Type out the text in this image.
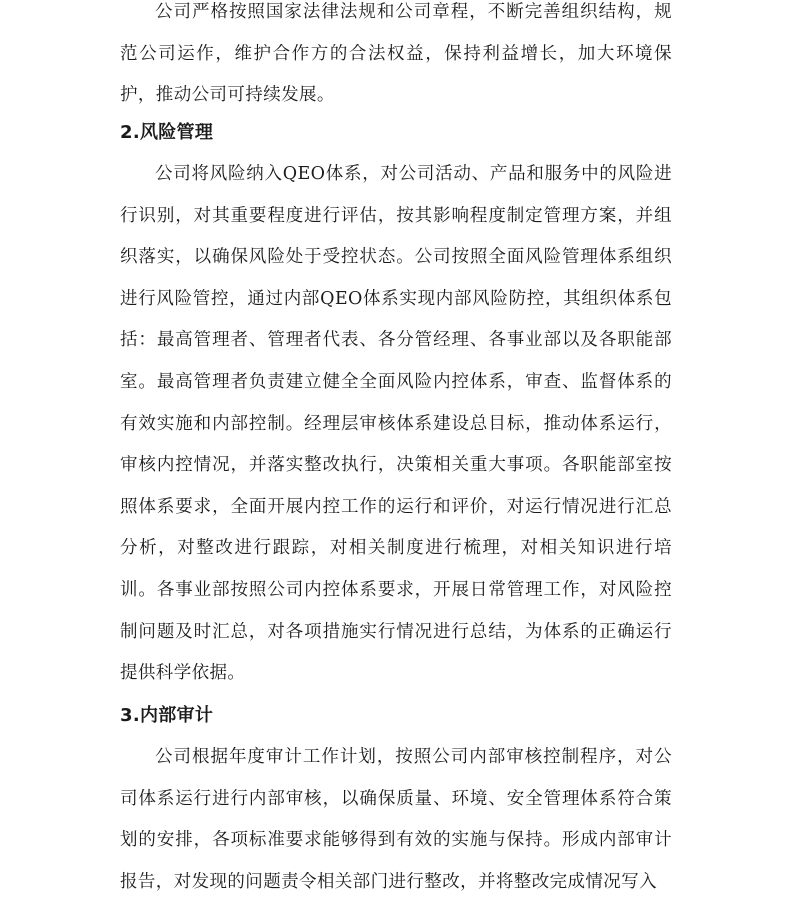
公司严格按照国家法律法规和公司章程，不断完善组织结构，规范公司运作，维护合作方的合法权益，保持利益增长，加大环境保护，推动公司可持续发展。

2.风险管理

公司将风险纳入QEO体系，对公司活动、产品和服务中的风险进行识别，对其重要程度进行评估，按其影响程度制定管理方案，并组织落实，以确保风险处于受控状态。公司按照全面风险管理体系组织进行风险管控，通过内部QEO体系实现内部风险防控，其组织体系包括：最高管理者、管理者代表、各分管经理、各事业部以及各职能部室。最高管理者负责建立健全全面风险内控体系，审查、监督体系的有效实施和内部控制。经理层审核体系建设总目标，推动体系运行，审核内控情况，并落实整改执行，决策相关重大事项。各职能部室按照体系要求，全面开展内控工作的运行和评价，对运行情况进行汇总分析，对整改进行跟踪，对相关制度进行梳理，对相关知识进行培训。各事业部按照公司内控体系要求，开展日常管理工作，对风险控制问题及时汇总，对各项措施实行情况进行总结，为体系的正确运行提供科学依据。

3.内部审计

公司根据年度审计工作计划，按照公司内部审核控制程序，对公司体系运行进行内部审核，以确保质量、环境、安全管理体系符合策划的安排，各项标准要求能够得到有效的实施与保持。形成内部审计报告，对发现的问题责令相关部门进行整改，并将整改完成情况写入
